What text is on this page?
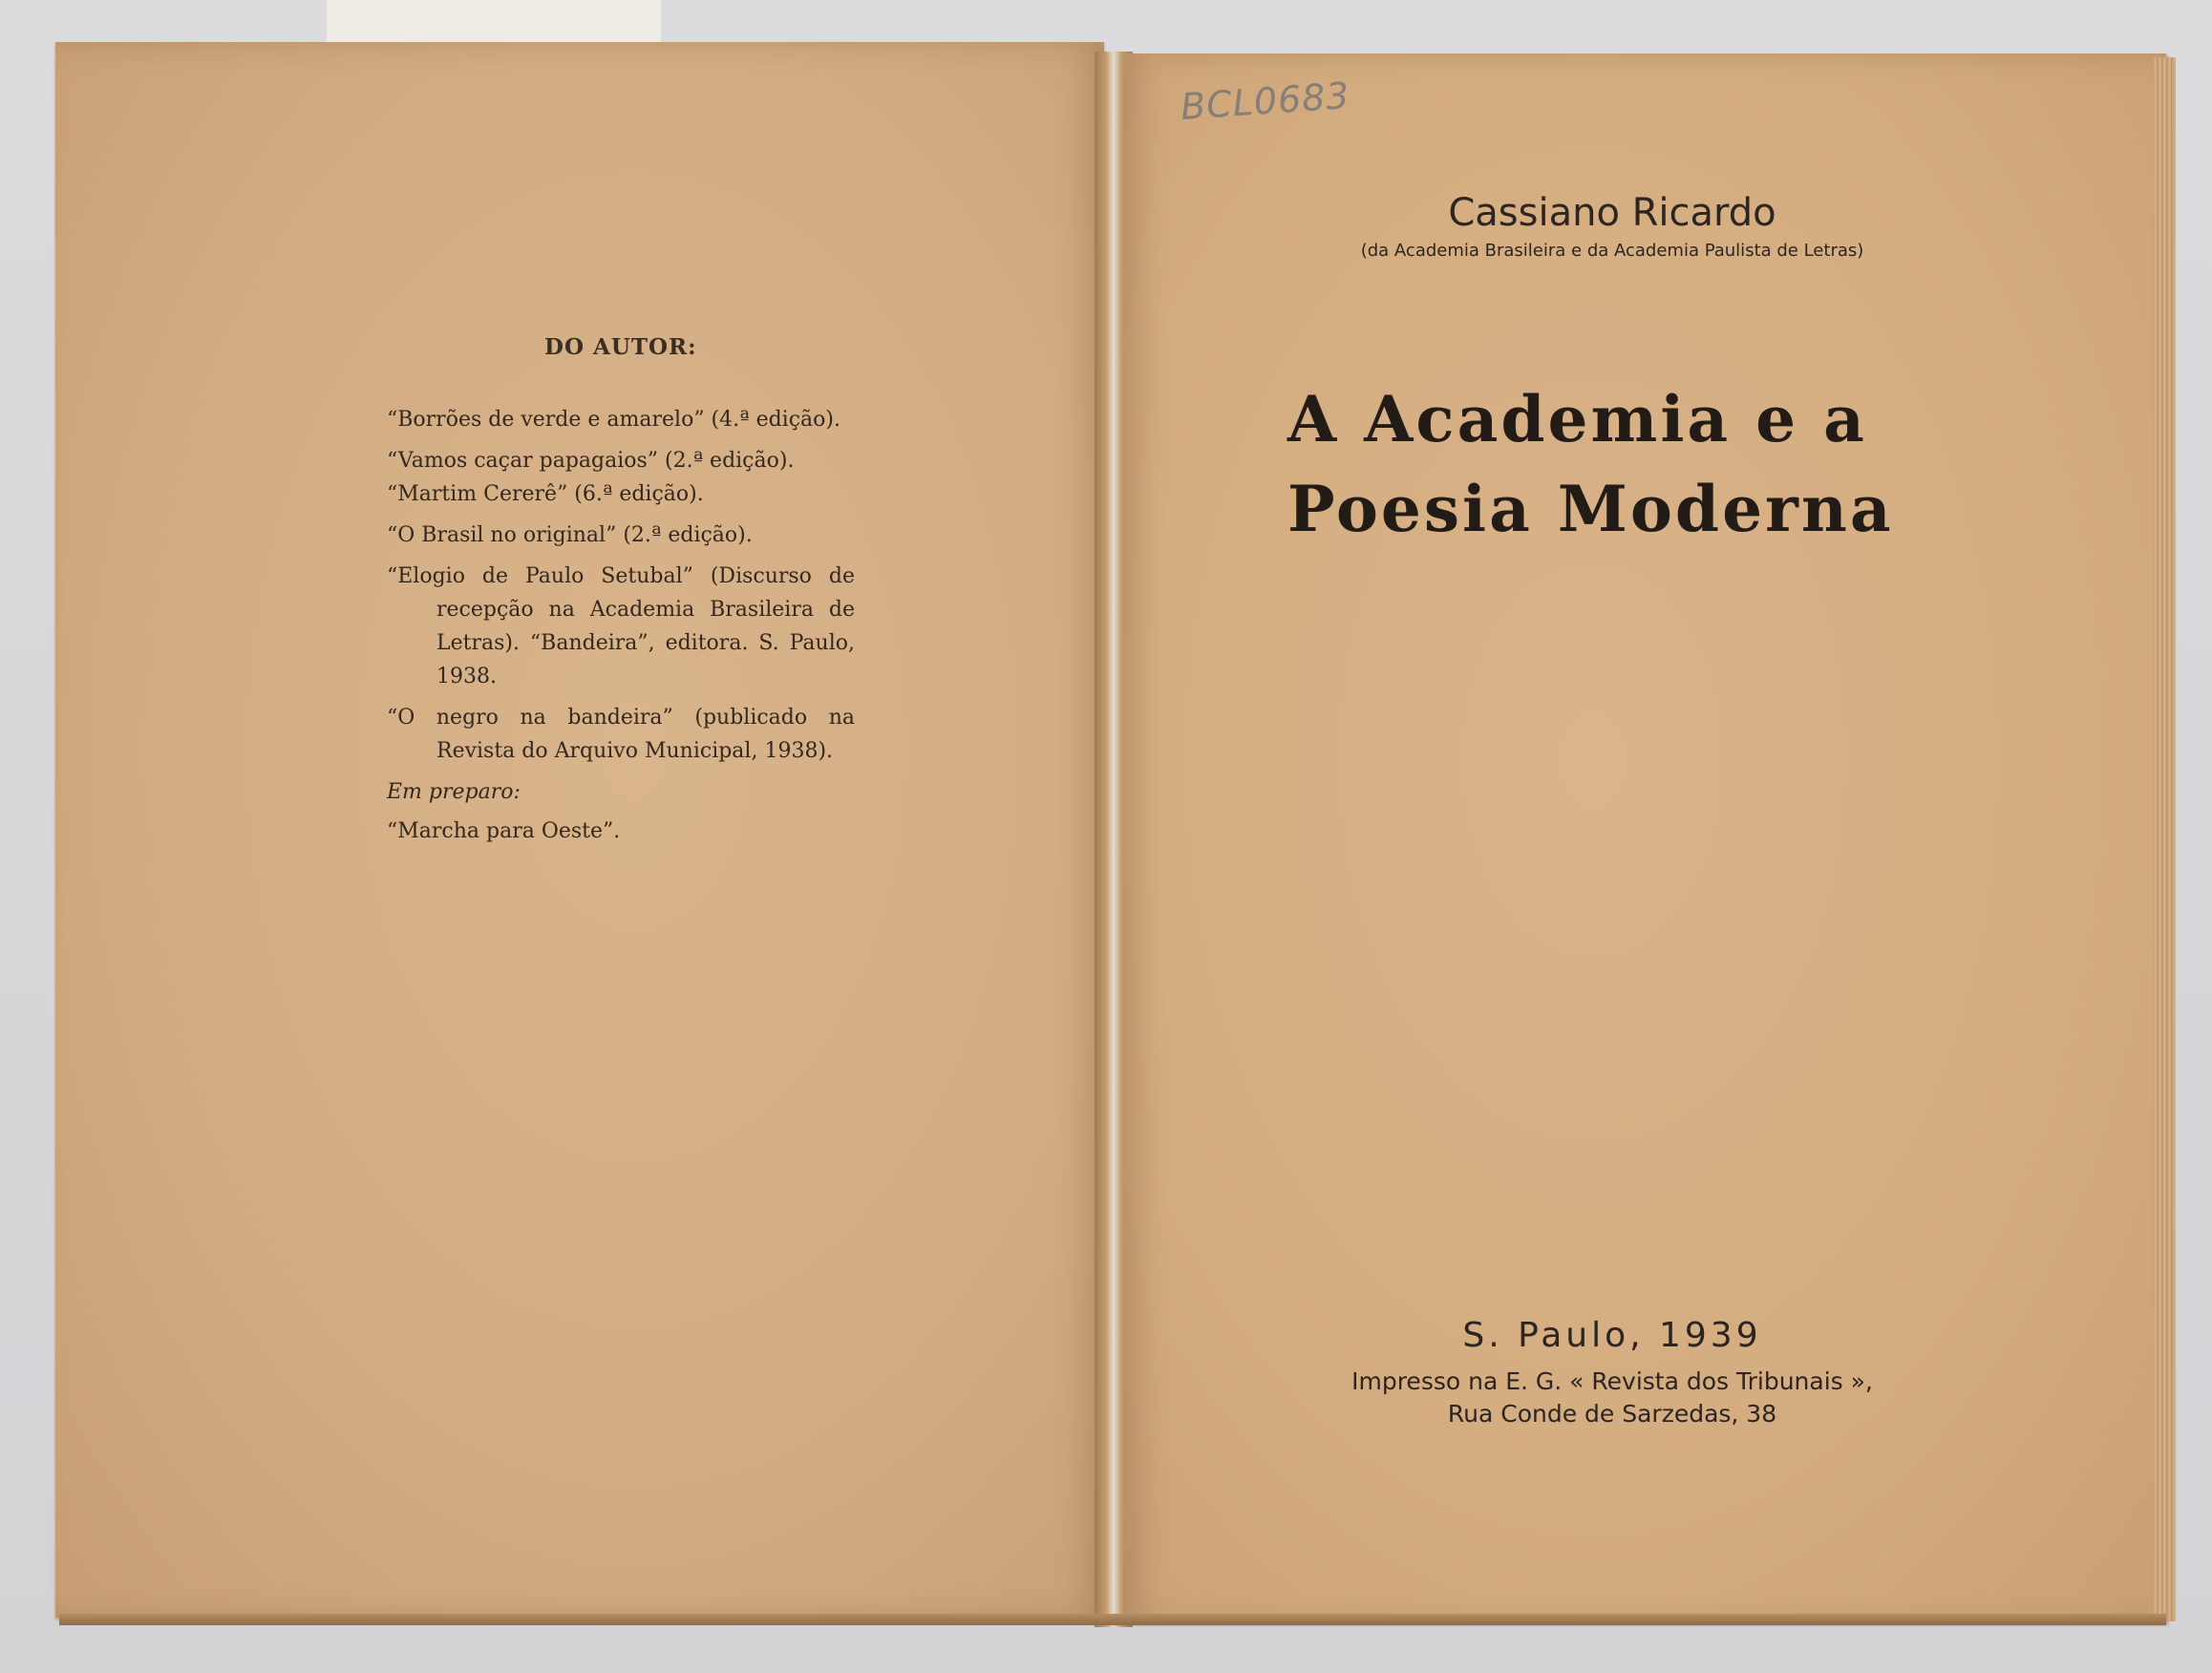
DO AUTOR:
“Borrões de verde e amarelo” (4.ª edição).
“Vamos caçar papagaios” (2.ª edição).
“Martim Cererê” (6.ª edição).
“O Brasil no original” (2.ª edição).
“Elogio de Paulo Setubal” (Discurso de recepção na Academia Brasileira de Letras). “Bandeira”, editora. S. Paulo, 1938.
“O negro na bandeira” (publicado na Revista do Arquivo Municipal, 1938).
Em preparo:
“Marcha para Oeste”.
BCL0683
Cassiano Ricardo
(da Academia Brasileira e da Academia Paulista de Letras)
A Academia e a
Poesia Moderna
S. Paulo, 1939
Impresso na E. G. « Revista dos Tribunais »,
Rua Conde de Sarzedas, 38
